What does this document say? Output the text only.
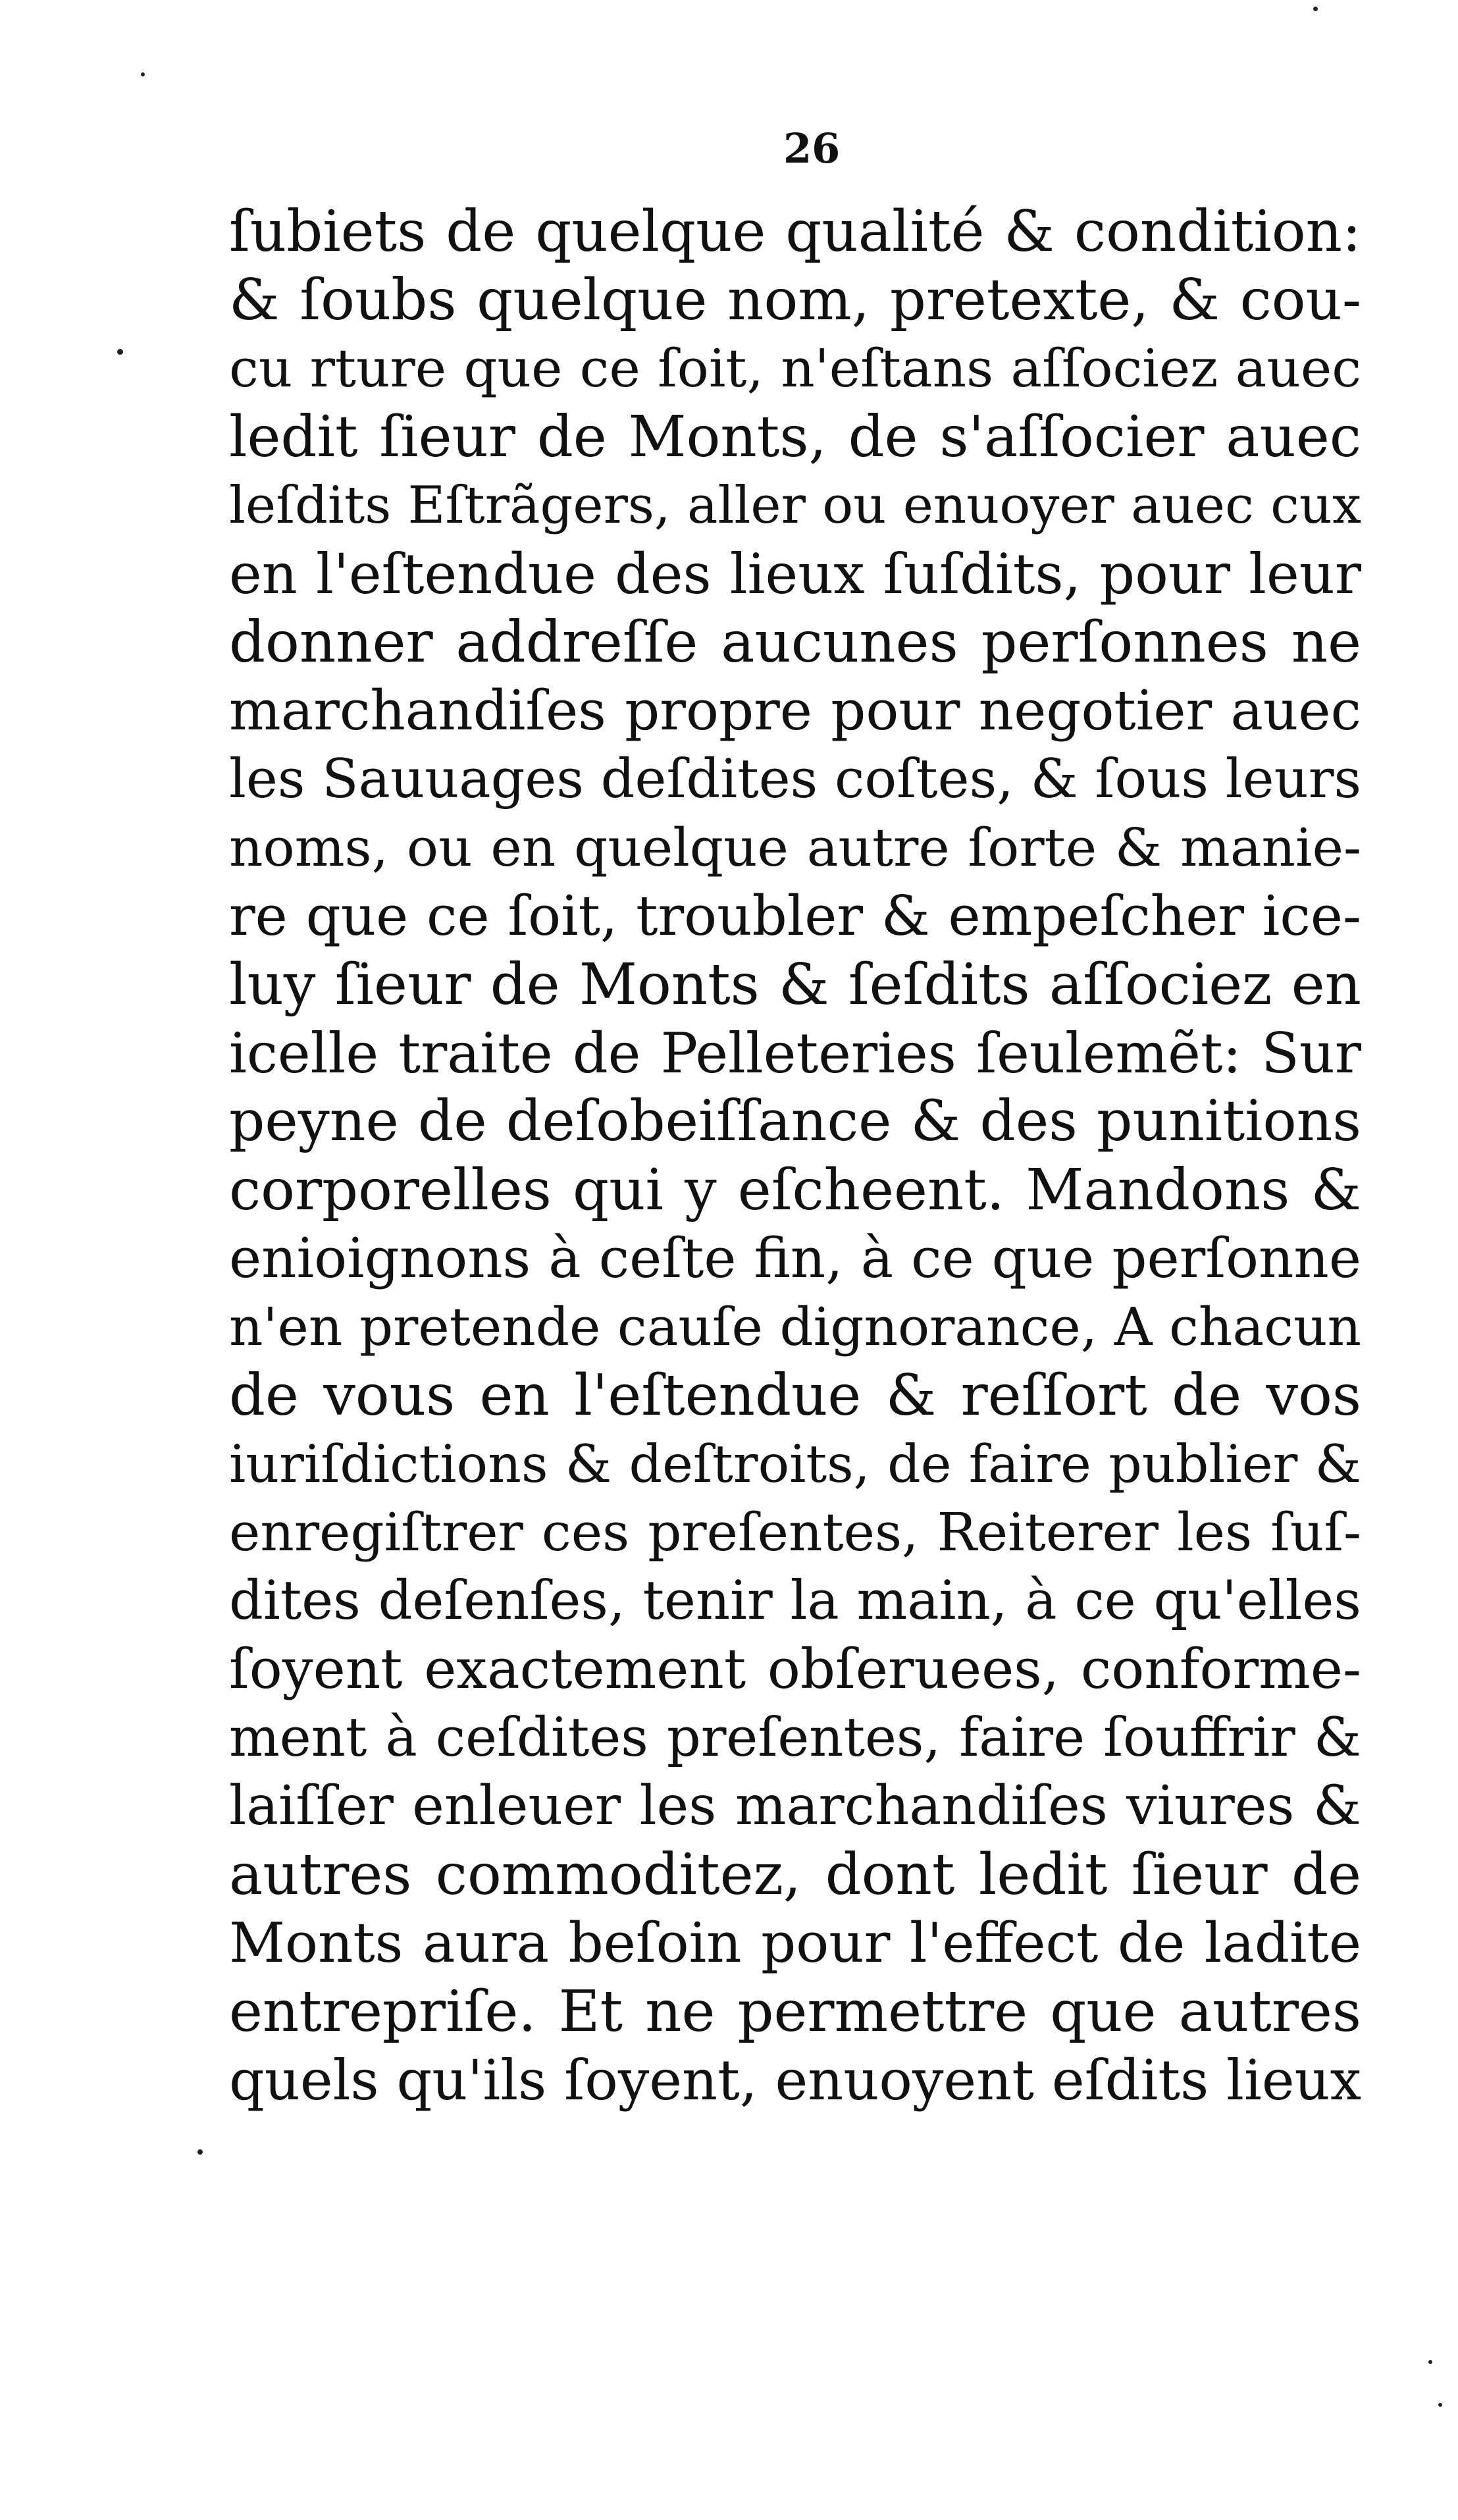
26
ſubiets de quelque qualité & condition:
& ſoubs quelque nom, pretexte, & cou-
cu rture que ce ſoit, n'eſtans aſſociez auec
ledit ſieur de Monts, de s'aſſocier auec
leſdits Eſtrãgers, aller ou enuoyer auec cux
en l'eſtendue des lieux ſuſdits, pour leur
donner addreſſe aucunes perſonnes ne
marchandiſes propre pour negotier auec
les Sauuages deſdites coſtes, & ſous leurs
noms, ou en quelque autre ſorte & manie-
re que ce ſoit, troubler & empeſcher ice-
luy ſieur de Monts & ſeſdits aſſociez en
icelle traite de Pelleteries ſeulemẽt: Sur
peyne de deſobeiſſance & des punitions
corporelles qui y eſcheent. Mandons &
enioignons à ceſte fin, à ce que perſonne
n'en pretende cauſe dignorance, A chacun
de vous en l'eſtendue & reſſort de vos
iuriſdictions & deſtroits, de faire publier &
enregiſtrer ces preſentes, Reiterer les ſuſ-
dites deſenſes, tenir la main, à ce qu'elles
ſoyent exactement obſeruees, conforme-
ment à ceſdites preſentes, faire ſouffrir &
laiſſer enleuer les marchandiſes viures &
autres commoditez, dont ledit ſieur de
Monts aura beſoin pour l'effect de ladite
entrepriſe. Et ne permettre que autres
quels qu'ils ſoyent, enuoyent eſdits lieux
